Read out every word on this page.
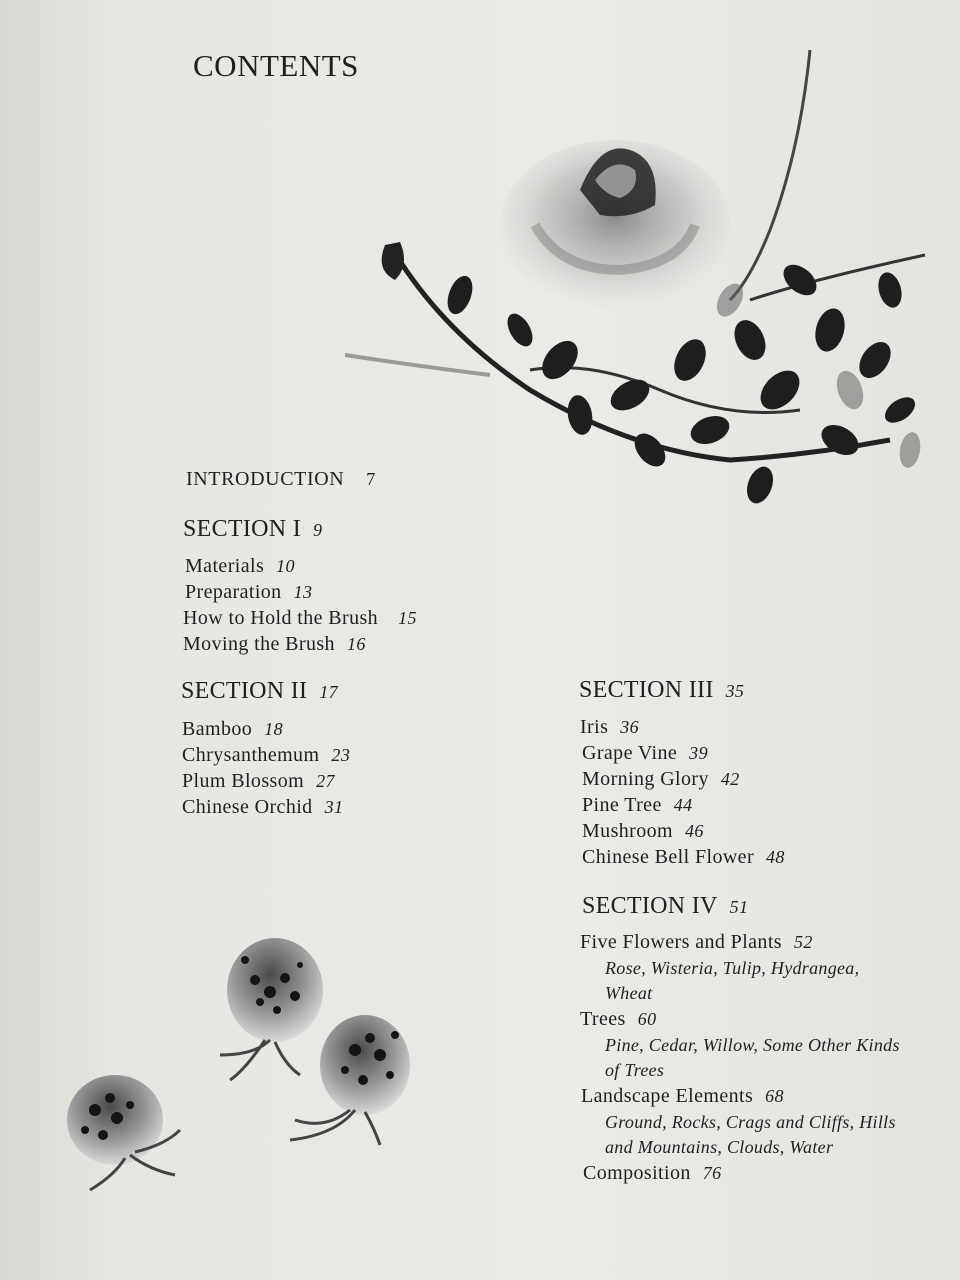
CONTENTS
INTRODUCTION 7
SECTION I 9
Materials 10
Preparation 13
How to Hold the Brush 15
Moving the Brush 16
SECTION II 17
Bamboo 18
Chrysanthemum 23
Plum Blossom 27
Chinese Orchid 31
SECTION III 35
Iris 36
Grape Vine 39
Morning Glory 42
Pine Tree 44
Mushroom 46
Chinese Bell Flower 48
SECTION IV 51
Five Flowers and Plants 52
Rose, Wisteria, Tulip, Hydrangea,
Wheat
Trees 60
Pine, Cedar, Willow, Some Other Kinds
of Trees
Landscape Elements 68
Ground, Rocks, Crags and Cliffs, Hills
and Mountains, Clouds, Water
Composition 76
